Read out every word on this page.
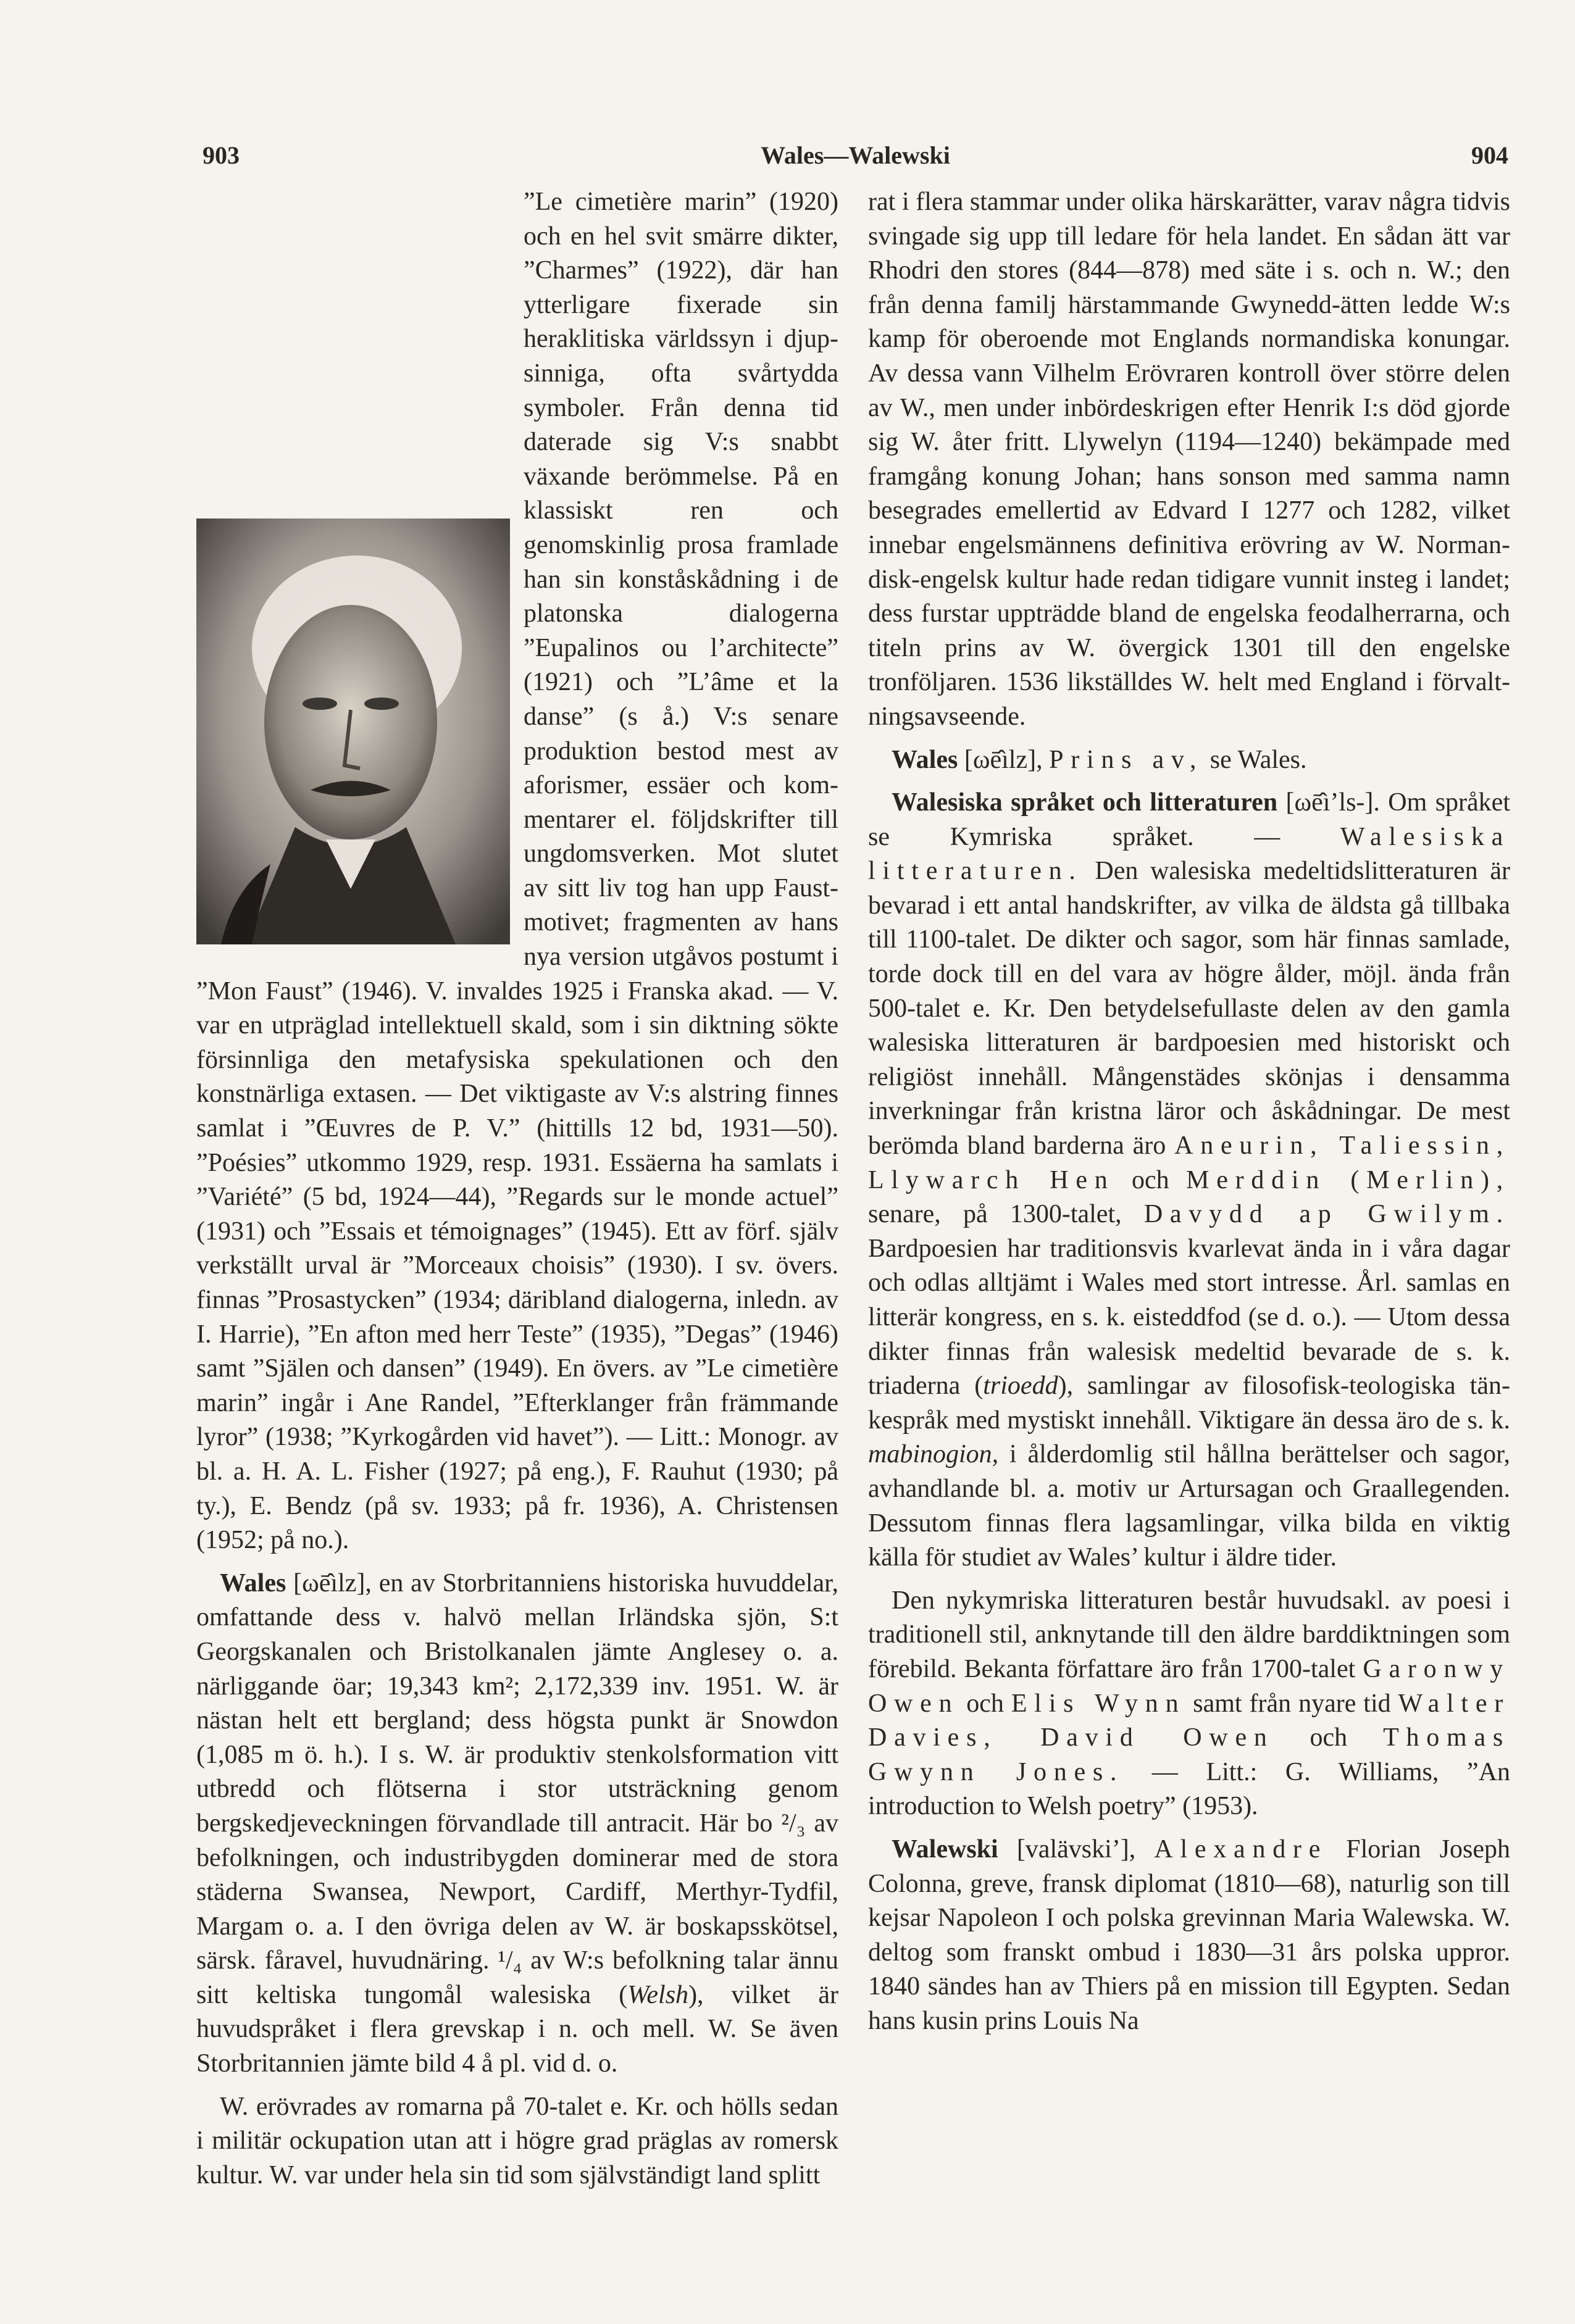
903	Wales—Walewski	904

”Le cimetière marin” (1920) och en hel svit smärre dikter, ”Charmes” (1922), där han ytterligare fixerade sin heraklitiska världssyn i djupsinniga, ofta svårtydda symboler. Från denna tid daterade sig V:s snabbt växande berömmelse. På en klassiskt ren och genomskinlig prosa framlade han sin konståskådning i de platonska dialogerna ”Eupalinos ou l’architecte” (1921) och ”L’âme et la danse” (s å.) V:s senare produktion bestod mest av aforismer, essäer och kommentarer el. följdskrifter till ungdomsverken. Mot slutet av sitt liv tog han upp Faust-motivet; fragmenten av hans nya version utgåvos postumt i ”Mon Faust” (1946). V. invaldes 1925 i Franska akad. — V. var en utpräglad intellektuell skald, som i sin diktning sökte försinnliga den metafysiska spekulationen och den konstnärliga extasen. — Det viktigaste av V:s alstring finnes samlat i ”Œuvres de P. V.” (hittills 12 bd, 1931—50). ”Poésies” utkommo 1929, resp. 1931. Essäerna ha samlats i ”Variété” (5 bd, 1924—44), ”Regards sur le monde actuel” (1931) och ”Essais et témoignages” (1945). Ett av förf. själv verkställt urval är ”Morceaux choisis” (1930). I sv. övers. finnas ”Prosastycken” (1934; däribland dialogerna, inledn. av I. Harrie), ”En afton med herr Teste” (1935), ”Degas” (1946) samt ”Själen och dansen” (1949). En övers. av ”Le cimetière marin” ingår i Ane Randel, ”Efterklanger från främmande lyror” (1938; ”Kyrkogården vid havet”). — Litt.: Monogr. av bl. a. H. A. L. Fisher (1927; på eng.), F. Rauhut (1930; på ty.), E. Bendz (på sv. 1933; på fr. 1936), A. Christensen (1952; på no.).

Wales [ωē̂ılz], en av Storbritanniens historiska huvuddelar, omfattande dess v. halvö mellan Irländska sjön, S:t Georgskanalen och Bristolkanalen jämte Anglesey o. a. närliggande öar; 19,343 km²; 2,172,339 inv. 1951. W. är nästan helt ett bergland; dess högsta punkt är Snowdon (1,085 m ö. h.). I s. W. är produktiv stenkolsformation vitt utbredd och flötserna i stor utsträckning genom bergskedjeveckningen förvandlade till antracit. Här bo ²/₃ av befolkningen, och industribygden dominerar med de stora städerna Swansea, Newport, Cardiff, Merthyr-Tydfil, Margam o. a. I den övriga delen av W. är boskapsskötsel, särsk. fåravel, huvudnäring. ¹/₄ av W:s befolkning talar ännu sitt keltiska tungomål walesiska (Welsh), vilket är huvudspråket i flera grevskap i n. och mell. W. Se även Storbritannien jämte bild 4 å pl. vid d. o.

W. erövrades av romarna på 70-talet e. Kr. och hölls sedan i militär ockupation utan att i högre grad präglas av romersk kultur. W. var under hela sin tid som självständigt land splitt

rat i flera stammar under olika härskarätter, varav några tidvis svingade sig upp till ledare för hela landet. En sådan ätt var Rhodri den stores (844—878) med säte i s. och n. W.; den från denna familj härstammande Gwynedd-ätten ledde W:s kamp för oberoende mot Englands normandiska konungar. Av dessa vann Vilhelm Erövraren kontroll över större delen av W., men under inbördeskrigen efter Henrik I:s död gjorde sig W. åter fritt. Llywelyn (1194—1240) bekämpade med framgång konung Johan; hans sonson med samma namn besegrades emellertid av Edvard I 1277 och 1282, vilket innebar engelsmännens definitiva erövring av W. Normandisk-engelsk kultur hade redan tidigare vunnit insteg i landet; dess furstar uppträdde bland de engelska feodalherrarna, och titeln prins av W. övergick 1301 till den engelske tronföljaren. 1536 likställdes W. helt med England i förvaltningsavseende.

Wales [ωē̂ılz], Prins av, se Wales.

Walesiska språket och litteraturen [ωē̂ı’ls-]. Om språket se Kymriska språket. — Walesiska litteraturen. Den walesiska medeltidslitteraturen är bevarad i ett antal handskrifter, av vilka de äldsta gå tillbaka till 1100-talet. De dikter och sagor, som här finnas samlade, torde dock till en del vara av högre ålder, möjl. ända från 500-talet e. Kr. Den betydelsefullaste delen av den gamla walesiska litteraturen är bardpoesien med historiskt och religiöst innehåll. Mångenstädes skönjas i densamma inverkningar från kristna läror och åskådningar. De mest berömda bland barderna äro Aneurin, Taliessin, Llywarch Hen och Merddin (Merlin), senare, på 1300-talet, Davydd ap Gwilym. Bardpoesien har traditionsvis kvarlevat ända in i våra dagar och odlas alltjämt i Wales med stort intresse. Årl. samlas en litterär kongress, en s. k. eisteddfod (se d. o.). — Utom dessa dikter finnas från walesisk medeltid bevarade de s. k. triaderna (trioedd), samlingar av filosofisk-teologiska tänkespråk med mystiskt innehåll. Viktigare än dessa äro de s. k. mabinogion, i ålderdomlig stil hållna berättelser och sagor, avhandlande bl. a. motiv ur Artursagan och Graallegenden. Dessutom finnas flera lagsamlingar, vilka bilda en viktig källa för studiet av Wales’ kultur i äldre tider.

Den nykymriska litteraturen består huvudsakl. av poesi i traditionell stil, anknytande till den äldre barddiktningen som förebild. Bekanta författare äro från 1700-talet Garonwy Owen och Elis Wynn samt från nyare tid Walter Davies, David Owen och Thomas Gwynn Jones. — Litt.: G. Williams, ”An introduction to Welsh poetry” (1953).

Walewski [valävski’], Alexandre Florian Joseph Colonna, greve, fransk diplomat (1810—68), naturlig son till kejsar Napoleon I och polska grevinnan Maria Walewska. W. deltog som franskt ombud i 1830—31 års polska uppror. 1840 sändes han av Thiers på en mission till Egypten. Sedan hans kusin prins Louis Na
